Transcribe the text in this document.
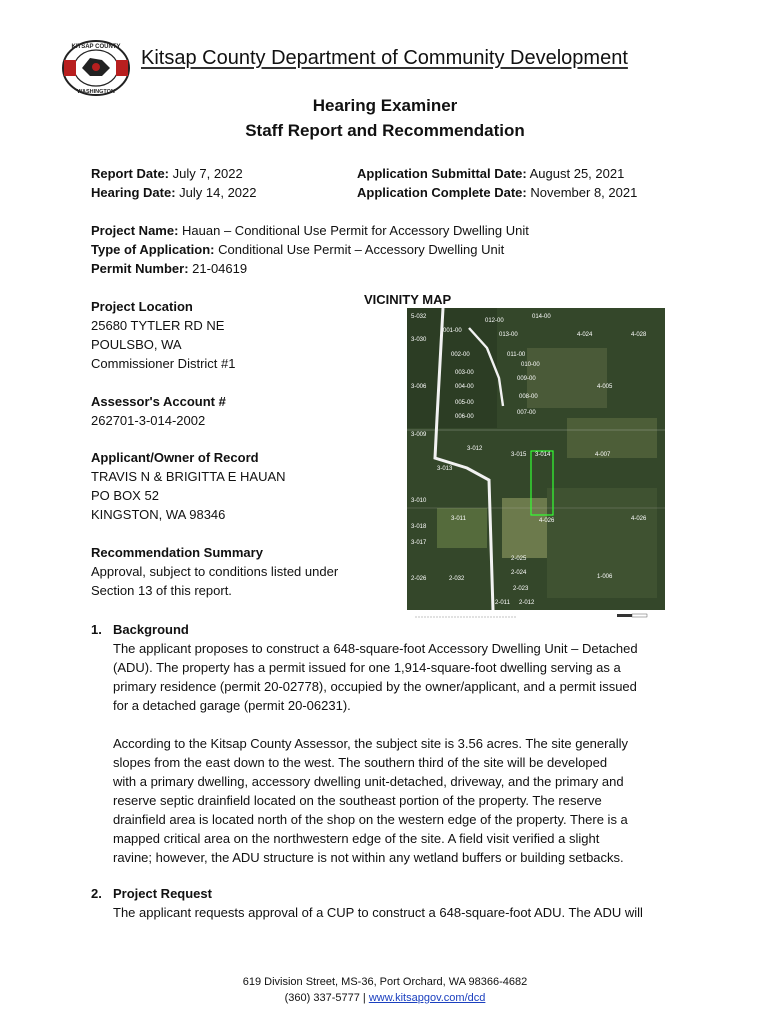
KITSAP COUNTY
WASHINGTON
Kitsap County Department of Community Development
Hearing Examiner
Staff Report and Recommendation
Report Date: July 7, 2022
Hearing Date: July 14, 2022
Application Submittal Date: August 25, 2021
Application Complete Date: November 8, 2021
Project Name: Hauan – Conditional Use Permit for Accessory Dwelling Unit
Type of Application: Conditional Use Permit – Accessory Dwelling Unit
Permit Number: 21-04619
Project Location
25680 TYTLER RD NE
POULSBO, WA
Commissioner District #1
Assessor's Account #
262701-3-014-2002
Applicant/Owner of Record
TRAVIS N & BRIGITTA E HAUAN
PO BOX 52
KINGSTON, WA 98346
Recommendation Summary
Approval, subject to conditions listed under
Section 13 of this report.
VICINITY MAP
5-032
012-00
014-00
3-030
001-00
013-00	4-024	4-028
002-00	011-00
003-00
010-00
009-00
3-006	004-00	4-005
005-00
008-00
006-00
007-00
3-009
3-012
3-015 3-014	4-007
3-013
3-010
3-011	4-026	4-026
3-018
3-017
2-025
2-024
2-026	2-032	1-006
2-023
2-011 2-012
1. Background
The applicant proposes to construct a 648-square-foot Accessory Dwelling Unit – Detached
(ADU). The property has a permit issued for one 1,914-square-foot dwelling serving as a
primary residence (permit 20-02778), occupied by the owner/applicant, and a permit issued
for a detached garage (permit 20-06231).
According to the Kitsap County Assessor, the subject site is 3.56 acres. The site generally
slopes from the east down to the west. The southern third of the site will be developed
with a primary dwelling, accessory dwelling unit-detached, driveway, and the primary and
reserve septic drainfield located on the southeast portion of the property. The reserve
drainfield area is located north of the shop on the western edge of the property. There is a
mapped critical area on the northwestern edge of the site. A field visit verified a slight
ravine; however, the ADU structure is not within any wetland buffers or building setbacks.
2. Project Request
The applicant requests approval of a CUP to construct a 648-square-foot ADU. The ADU will
619 Division Street, MS-36, Port Orchard, WA 98366-4682
(360) 337-5777 | www.kitsapgov.com/dcd
